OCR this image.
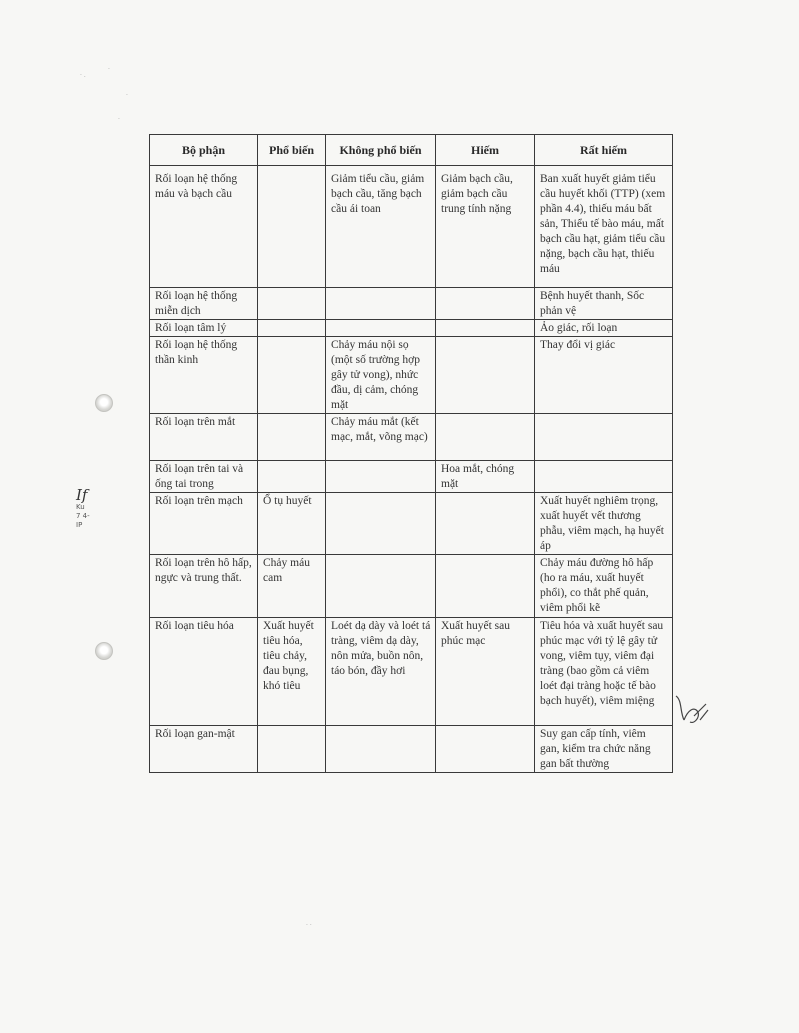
· .
·
·
·
· ·
If
Ku
7 4-
IP
Bộ phận	Phổ biến	Không phổ biến	Hiếm	Rất hiếm
Rối loạn hệ thống máu và bạch cầu		Giảm tiểu cầu, giảm bạch cầu, tăng bạch cầu ái toan	Giảm bạch cầu, giảm bạch cầu trung tính nặng	Ban xuất huyết giảm tiểu cầu huyết khối (TTP) (xem phần 4.4), thiếu máu bất sản, Thiểu tế bào máu, mất bạch cầu hạt, giảm tiểu cầu nặng, bạch cầu hạt, thiếu máu
Rối loạn hệ thống miễn dịch				Bệnh huyết thanh, Sốc phản vệ
Rối loạn tâm lý				Ảo giác, rối loạn
Rối loạn hệ thống thần kinh		Chảy máu nội sọ (một số trường hợp gây tử vong), nhức đầu, dị cảm, chóng mặt		Thay đổi vị giác
Rối loạn trên mắt		Chảy máu mắt (kết mạc, mắt, võng mạc)		
Rối loạn trên tai và ống tai trong			Hoa mắt, chóng mặt	
Rối loạn trên mạch	Ổ tụ huyết			Xuất huyết nghiêm trọng, xuất huyết vết thương phẫu, viêm mạch, hạ huyết áp
Rối loạn trên hô hấp, ngực và trung thất.	Chảy máu cam			Chảy máu đường hô hấp (ho ra máu, xuất huyết phổi), co thắt phế quản, viêm phổi kẽ
Rối loạn tiêu hóa	Xuất huyết tiêu hóa, tiêu chảy, đau bụng, khó tiêu	Loét dạ dày và loét tá tràng, viêm dạ dày, nôn mửa, buồn nôn, táo bón, đầy hơi	Xuất huyết sau phúc mạc	Tiêu hóa và xuất huyết sau phúc mạc với tỷ lệ gây tử vong, viêm tụy, viêm đại tràng (bao gồm cả viêm loét đại tràng hoặc tế bào bạch huyết), viêm miệng
Rối loạn gan-mật				Suy gan cấp tính, viêm gan, kiểm tra chức năng gan bất thường
